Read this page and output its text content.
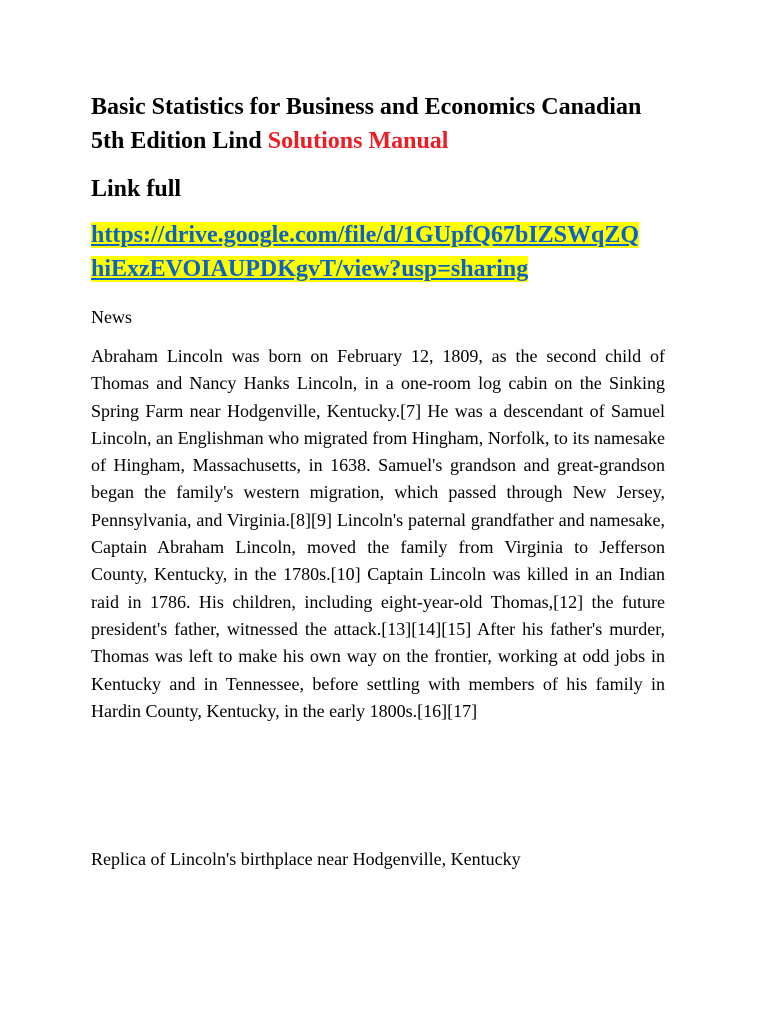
Basic Statistics for Business and Economics Canadian 5th Edition Lind Solutions Manual

Link full

https://drive.google.com/file/d/1GUpfQ67bIZSWqZQhiExzEVOIAUPDKgvT/view?usp=sharing

News

Abraham Lincoln was born on February 12, 1809, as the second child of Thomas and Nancy Hanks Lincoln, in a one-room log cabin on the Sinking Spring Farm near Hodgenville, Kentucky.[7] He was a descendant of Samuel Lincoln, an Englishman who migrated from Hingham, Norfolk, to its namesake of Hingham, Massachusetts, in 1638. Samuel's grandson and great-grandson began the family's western migration, which passed through New Jersey, Pennsylvania, and Virginia.[8][9] Lincoln's paternal grandfather and namesake, Captain Abraham Lincoln, moved the family from Virginia to Jefferson County, Kentucky, in the 1780s.[10] Captain Lincoln was killed in an Indian raid in 1786. His children, including eight-year-old Thomas,[12] the future president's father, witnessed the attack.[13][14][15] After his father's murder, Thomas was left to make his own way on the frontier, working at odd jobs in Kentucky and in Tennessee, before settling with members of his family in Hardin County, Kentucky, in the early 1800s.[16][17]

Replica of Lincoln's birthplace near Hodgenville, Kentucky
